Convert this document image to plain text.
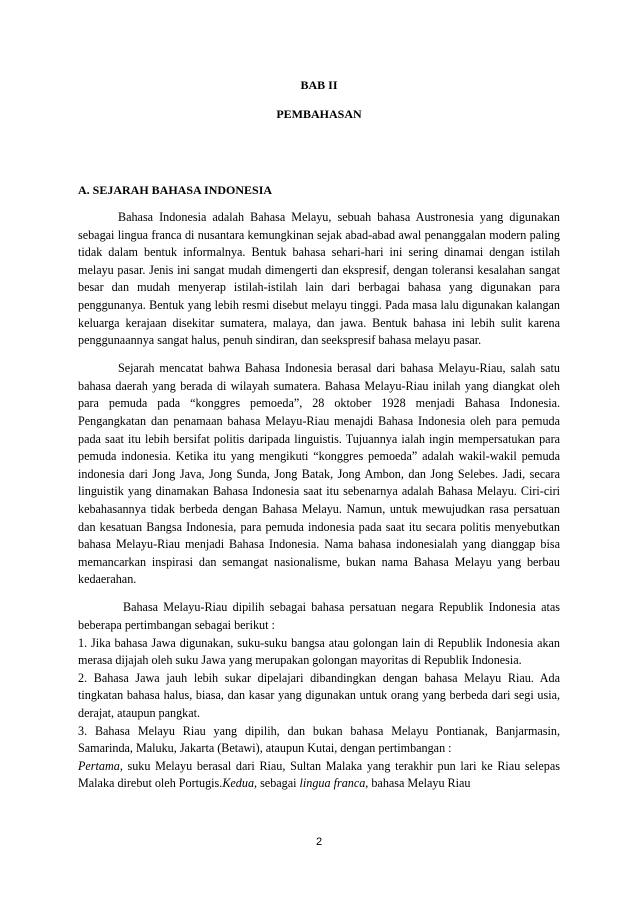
BAB II
PEMBAHASAN
A. SEJARAH BAHASA INDONESIA

Bahasa Indonesia adalah Bahasa Melayu, sebuah bahasa Austronesia yang digunakan sebagai lingua franca di nusantara kemungkinan sejak abad-abad awal penanggalan modern paling tidak dalam bentuk informalnya. Bentuk bahasa sehari-hari ini sering dinamai dengan istilah melayu pasar. Jenis ini sangat mudah dimengerti dan ekspresif, dengan toleransi kesalahan sangat besar dan mudah menyerap istilah-istilah lain dari berbagai bahasa yang digunakan para penggunanya. Bentuk yang lebih resmi disebut melayu tinggi. Pada masa lalu digunakan kalangan keluarga kerajaan disekitar sumatera, malaya, dan jawa. Bentuk bahasa ini lebih sulit karena penggunaannya sangat halus, penuh sindiran, dan seekspresif bahasa melayu pasar.

Sejarah mencatat bahwa Bahasa Indonesia berasal dari bahasa Melayu-Riau, salah satu bahasa daerah yang berada di wilayah sumatera. Bahasa Melayu-Riau inilah yang diangkat oleh para pemuda pada “konggres pemoeda”, 28 oktober 1928 menjadi Bahasa Indonesia. Pengangkatan dan penamaan bahasa Melayu-Riau menajdi Bahasa Indonesia oleh para pemuda pada saat itu lebih bersifat politis daripada linguistis. Tujuannya ialah ingin mempersatukan para pemuda indonesia. Ketika itu yang mengikuti “konggres pemoeda” adalah wakil-wakil pemuda indonesia dari Jong Java, Jong Sunda, Jong Batak, Jong Ambon, dan Jong Selebes. Jadi, secara linguistik yang dinamakan Bahasa Indonesia saat itu sebenarnya adalah Bahasa Melayu. Ciri-ciri kebahasannya tidak berbeda dengan Bahasa Melayu. Namun, untuk mewujudkan rasa persatuan dan kesatuan Bangsa Indonesia, para pemuda indonesia pada saat itu secara politis menyebutkan bahasa Melayu-Riau menjadi Bahasa Indonesia. Nama bahasa indonesialah yang dianggap bisa memancarkan inspirasi dan semangat nasionalisme, bukan nama Bahasa Melayu yang berbau kedaerahan.

Bahasa Melayu-Riau dipilih sebagai bahasa persatuan negara Republik Indonesia atas beberapa pertimbangan sebagai berikut :

1. Jika bahasa Jawa digunakan, suku-suku bangsa atau golongan lain di Republik Indonesia akan merasa dijajah oleh suku Jawa yang merupakan golongan mayoritas di Republik Indonesia.

2. Bahasa Jawa jauh lebih sukar dipelajari dibandingkan dengan bahasa Melayu Riau. Ada tingkatan bahasa halus, biasa, dan kasar yang digunakan untuk orang yang berbeda dari segi usia, derajat, ataupun pangkat.

3. Bahasa Melayu Riau yang dipilih, dan bukan bahasa Melayu Pontianak, Banjarmasin, Samarinda, Maluku, Jakarta (Betawi), ataupun Kutai, dengan pertimbangan :

Pertama, suku Melayu berasal dari Riau, Sultan Malaka yang terakhir pun lari ke Riau selepas Malaka direbut oleh Portugis.Kedua, sebagai lingua franca, bahasa Melayu Riau

2
